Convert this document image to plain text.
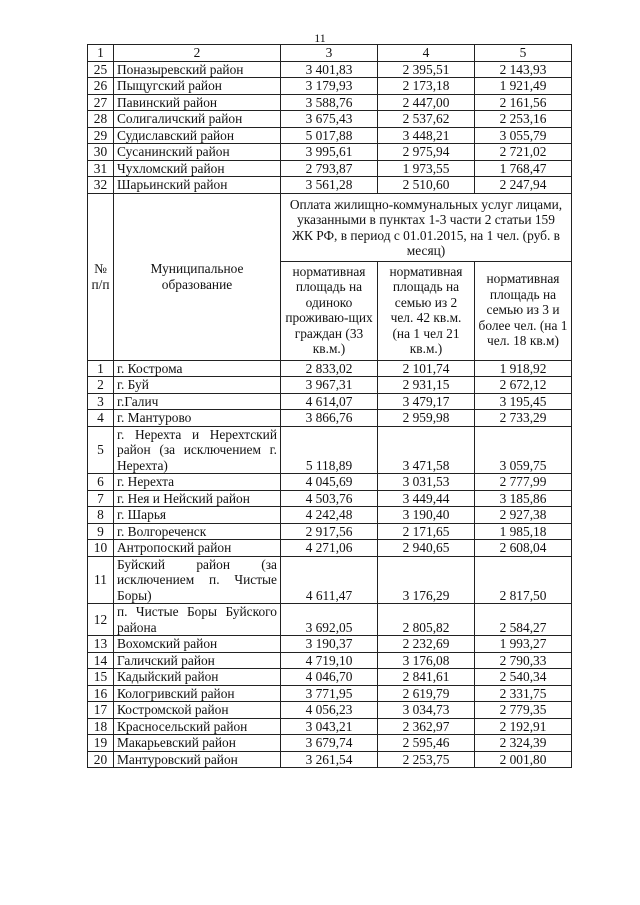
11
1	2	3	4	5
25	Поназыревский район	3 401,83	2 395,51	2 143,93
26	Пыщугский район	3 179,93	2 173,18	1 921,49
27	Павинский район	3 588,76	2 447,00	2 161,56
28	Солигаличский район	3 675,43	2 537,62	2 253,16
29	Судиславский район	5 017,88	3 448,21	3 055,79
30	Сусанинский район	3 995,61	2 975,94	2 721,02
31	Чухломский район	2 793,87	1 973,55	1 768,47
32	Шарьинский район	3 561,28	2 510,60	2 247,94
№ п/п	Муниципальное образование	Оплата жилищно-коммунальных услуг лицами, указанными в пунктах 1-3 части 2 статьи 159 ЖК РФ, в период с 01.01.2015, на 1 чел. (руб. в месяц)		
		нормативная площадь на одиноко проживаю-щих граждан (33 кв.м.)	нормативная площадь на семью из 2 чел. 42 кв.м. (на 1 чел 21 кв.м.)	нормативная площадь на семью из 3 и более чел. (на 1 чел. 18 кв.м)
1	г. Кострома	2 833,02	2 101,74	1 918,92
2	г. Буй	3 967,31	2 931,15	2 672,12
3	г.Галич	4 614,07	3 479,17	3 195,45
4	г. Мантурово	3 866,76	2 959,98	2 733,29
5	г. Нерехта и Нерехтский район (за исключением г. Нерехта)	5 118,89	3 471,58	3 059,75
6	г. Нерехта	4 045,69	3 031,53	2 777,99
7	г. Нея и Нейский район	4 503,76	3 449,44	3 185,86
8	г. Шарья	4 242,48	3 190,40	2 927,38
9	г. Волгореченск	2 917,56	2 171,65	1 985,18
10	Антропоский район	4 271,06	2 940,65	2 608,04
11	Буйский район (за исключением п. Чистые Боры)	4 611,47	3 176,29	2 817,50
12	п. Чистые Боры Буйского района	3 692,05	2 805,82	2 584,27
13	Вохомский район	3 190,37	2 232,69	1 993,27
14	Галичский район	4 719,10	3 176,08	2 790,33
15	Кадыйский район	4 046,70	2 841,61	2 540,34
16	Кологривский район	3 771,95	2 619,79	2 331,75
17	Костромской район	4 056,23	3 034,73	2 779,35
18	Красносельский район	3 043,21	2 362,97	2 192,91
19	Макарьевский район	3 679,74	2 595,46	2 324,39
20	Мантуровский район	3 261,54	2 253,75	2 001,80
